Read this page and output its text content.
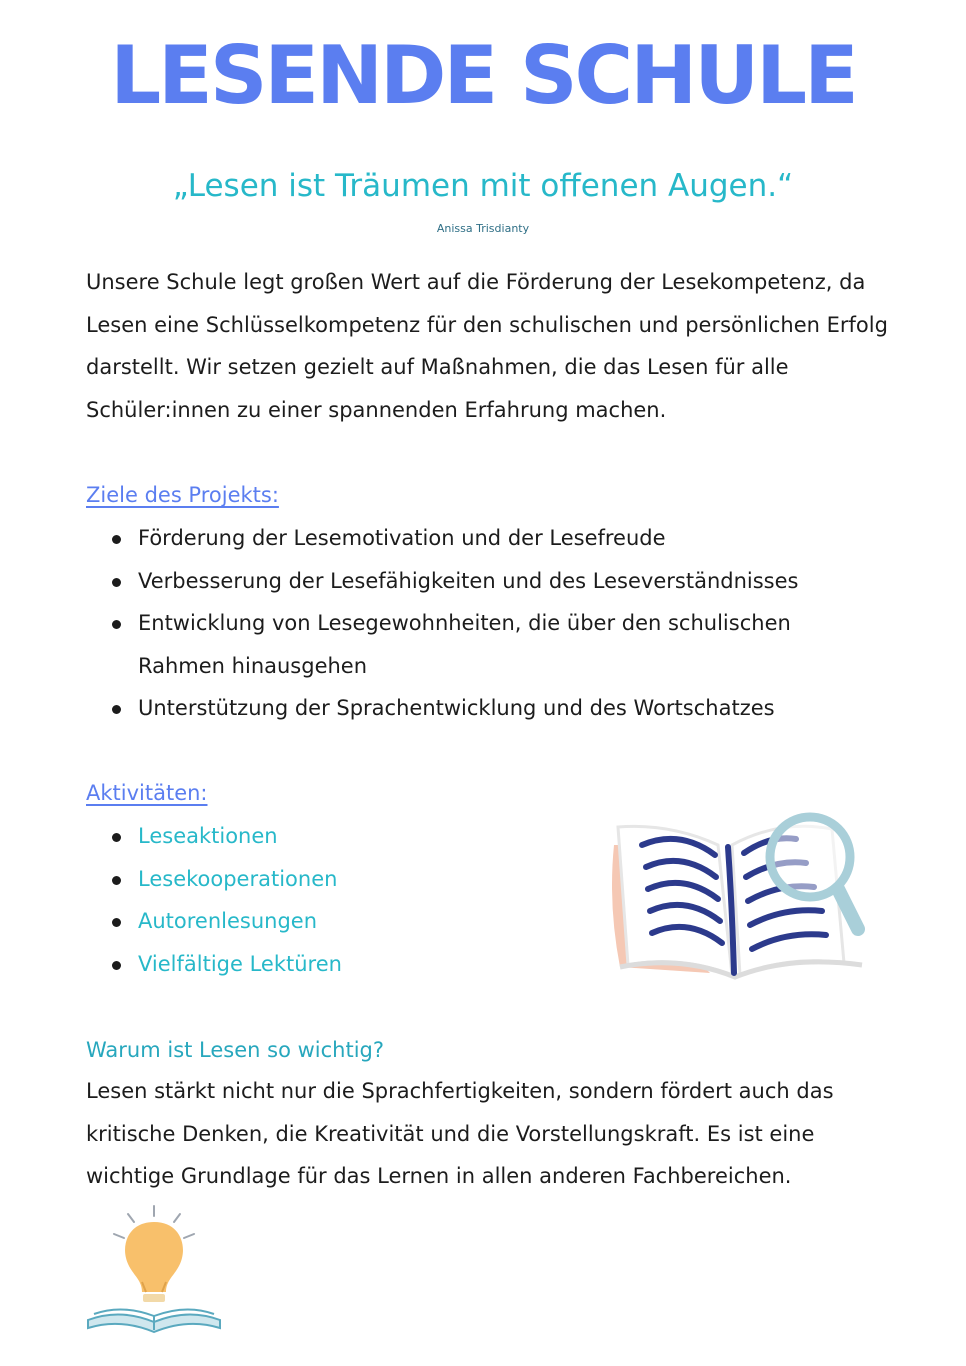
LESENDE SCHULE
„Lesen ist Träumen mit offenen Augen.“
Anissa Trisdianty

Unsere Schule legt großen Wert auf die Förderung der Lesekompetenz, da Lesen eine Schlüsselkompetenz für den schulischen und persönlichen Erfolg darstellt. Wir setzen gezielt auf Maßnahmen, die das Lesen für alle Schüler:innen zu einer spannenden Erfahrung machen.

Ziele des Projekts:
Förderung der Lesemotivation und der Lesefreude
Verbesserung der Lesefähigkeiten und des Leseverständnisses
Entwicklung von Lesegewohnheiten, die über den schulischen Rahmen hinausgehen
Unterstützung der Sprachentwicklung und des Wortschatzes
Aktivitäten:
Leseaktionen
Lesekooperationen
Autorenlesungen
Vielfältige Lektüren
Warum ist Lesen so wichtig?

Lesen stärkt nicht nur die Sprachfertigkeiten, sondern fördert auch das kritische Denken, die Kreativität und die Vorstellungskraft. Es ist eine wichtige Grundlage für das Lernen in allen anderen Fachbereichen.
